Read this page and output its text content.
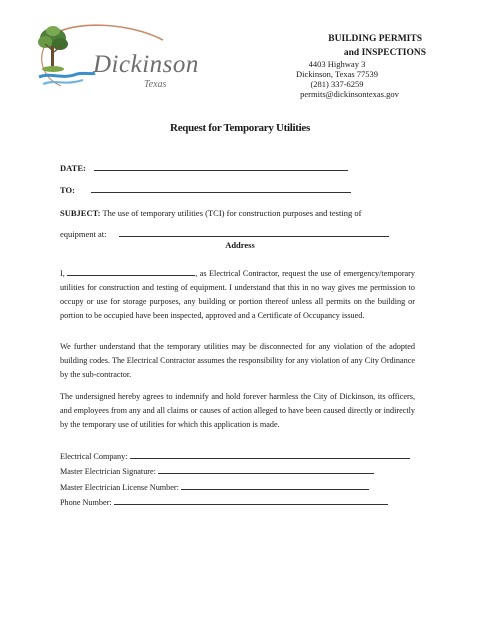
Dickinson
Texas
BUILDING PERMITS
and INSPECTIONS
4403 Highway 3
Dickinson, Texas 77539
(281) 337-6259
permits@dickinsontexas.gov
Request for Temporary Utilities
DATE:
TO:
SUBJECT: The use of temporary utilities (TCI) for construction purposes and testing of
equipment at:
Address
I,	, as Electrical Contractor, request the use of emergency/temporary utilities for construction and testing of equipment. I understand that this in no way gives me permission to occupy or use for storage purposes, any building or portion thereof unless all permits on the building or portion to be occupied have been inspected, approved and a Certificate of Occupancy issued.
We further understand that the temporary utilities may be disconnected for any violation of the adopted building codes. The Electrical Contractor assumes the responsibility for any violation of any City Ordinance by the sub-contractor.
The undersigned hereby agrees to indemnify and hold forever harmless the City of Dickinson, its officers, and employees from any and all claims or causes of action alleged to have been caused directly or indirectly by the temporary use of utilities for which this application is made.
Electrical Company:
Master Electrician Signature:
Master Electrician License Number:
Phone Number:
